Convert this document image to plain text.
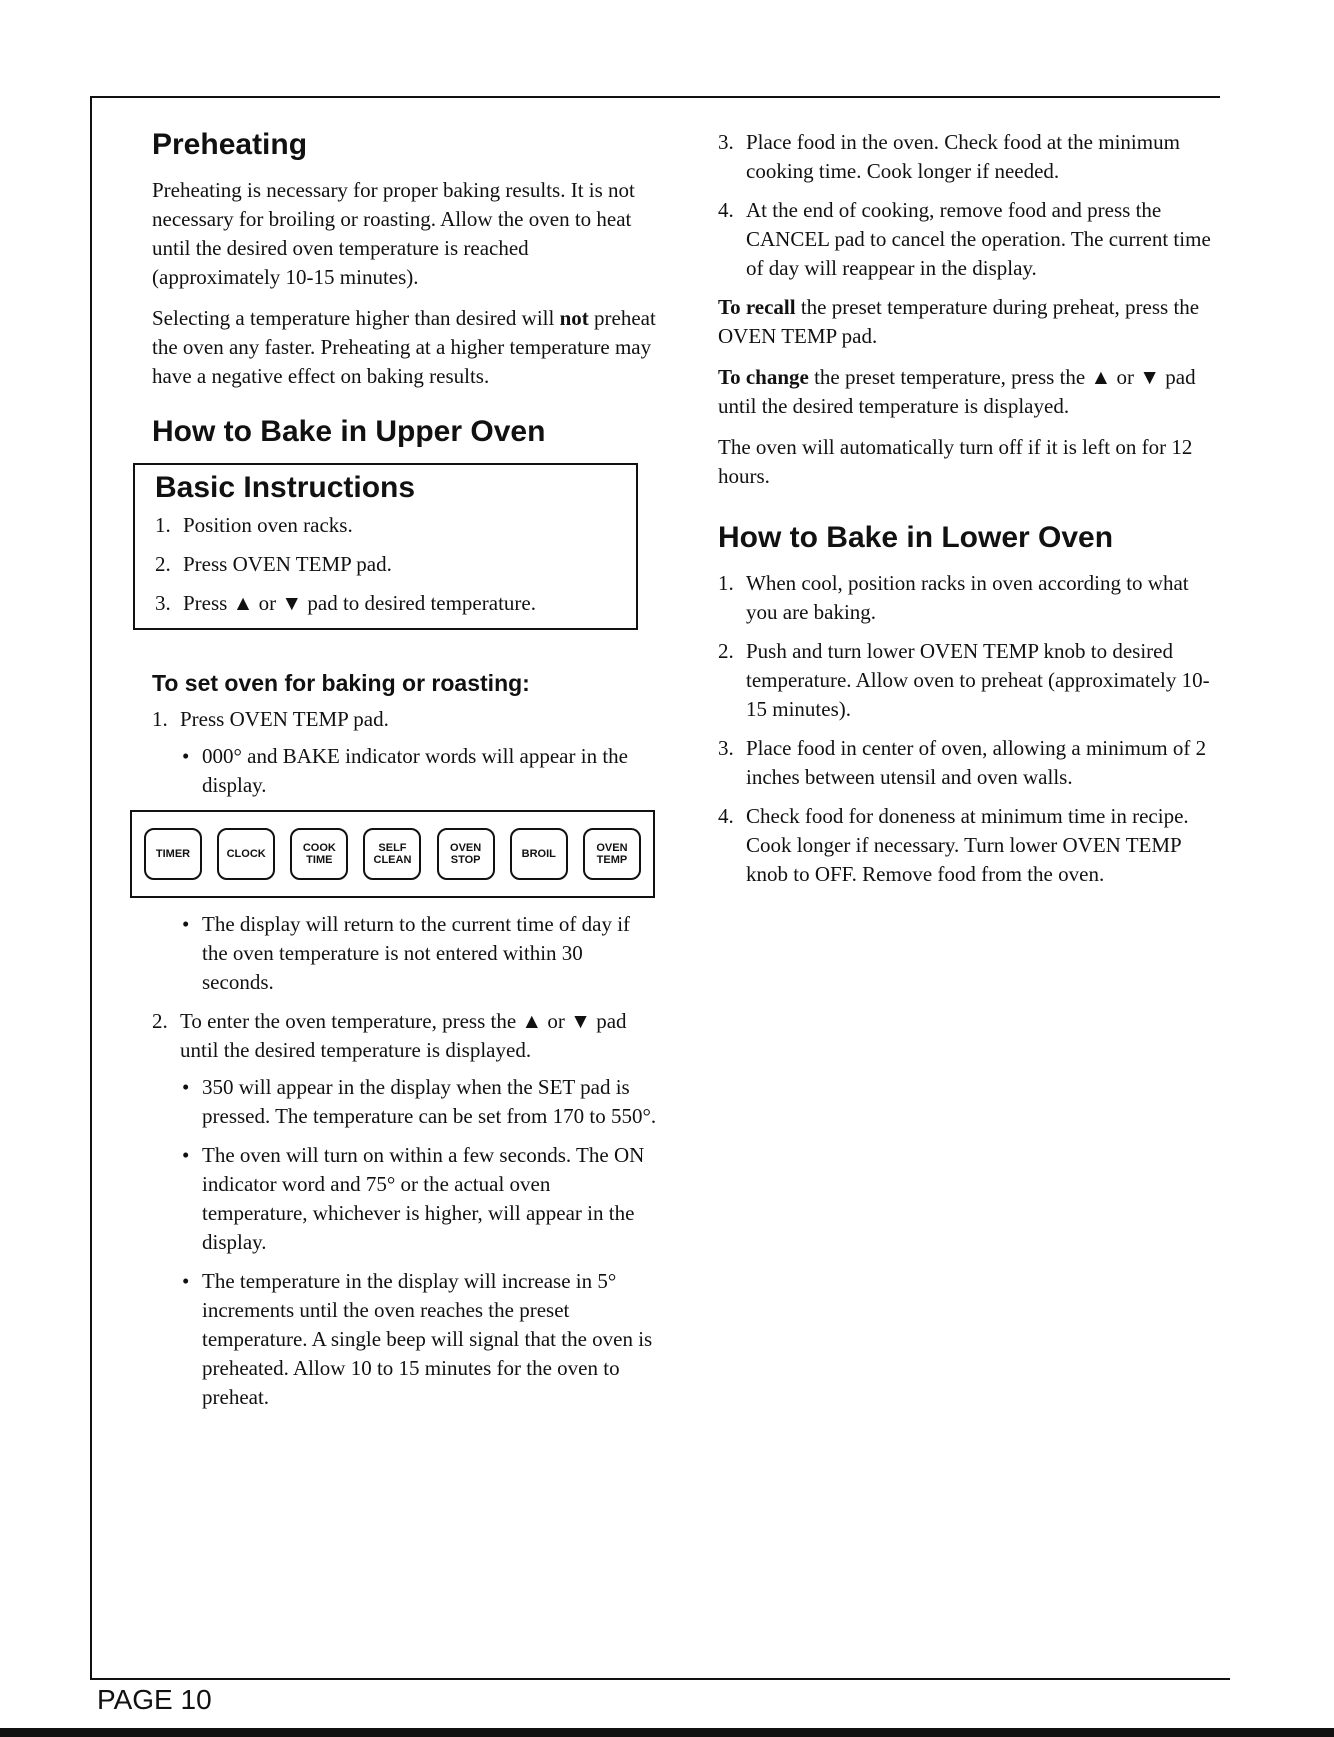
Preheating

Preheating is necessary for proper baking results. It is not necessary for broiling or roasting. Allow the oven to heat until the desired oven temperature is reached (approximately 10-15 minutes).

Selecting a temperature higher than desired will not preheat the oven any faster. Preheating at a higher temperature may have a negative effect on baking results.

How to Bake in Upper Oven
Basic Instructions
1. Position oven racks.
2. Press OVEN TEMP pad.
3. Press ▲ or ▼ pad to desired temperature.
To set oven for baking or roasting:
1. Press OVEN TEMP pad.
• 000° and BAKE indicator words will appear in the display.
TIMER	CLOCK	COOK
TIME
SELF
CLEAN
OVEN
STOP	BROIL	OVEN
TEMP
• The display will return to the current time of day if the oven temperature is not entered within 30 seconds.
2. To enter the oven temperature, press the ▲ or ▼ pad until the desired temperature is displayed.
• 350 will appear in the display when the SET pad is pressed. The temperature can be set from 170 to 550°.
• The oven will turn on within a few seconds. The ON indicator word and 75° or the actual oven temperature, whichever is higher, will appear in the display.
• The temperature in the display will increase in 5° increments until the oven reaches the preset temperature. A single beep will signal that the oven is preheated. Allow 10 to 15 minutes for the oven to preheat.
3. Place food in the oven. Check food at the minimum cooking time. Cook longer if needed.
4. At the end of cooking, remove food and press the CANCEL pad to cancel the operation. The current time of day will reappear in the display.

To recall the preset temperature during preheat, press the OVEN TEMP pad.

To change the preset temperature, press the ▲ or ▼ pad until the desired temperature is displayed.

The oven will automatically turn off if it is left on for 12 hours.

How to Bake in Lower Oven
1. When cool, position racks in oven according to what you are baking.
2. Push and turn lower OVEN TEMP knob to desired temperature. Allow oven to preheat (approximately 10-15 minutes).
3. Place food in center of oven, allowing a minimum of 2 inches between utensil and oven walls.
4. Check food for doneness at minimum time in recipe. Cook longer if necessary. Turn lower OVEN TEMP knob to OFF. Remove food from the oven.
PAGE 10
